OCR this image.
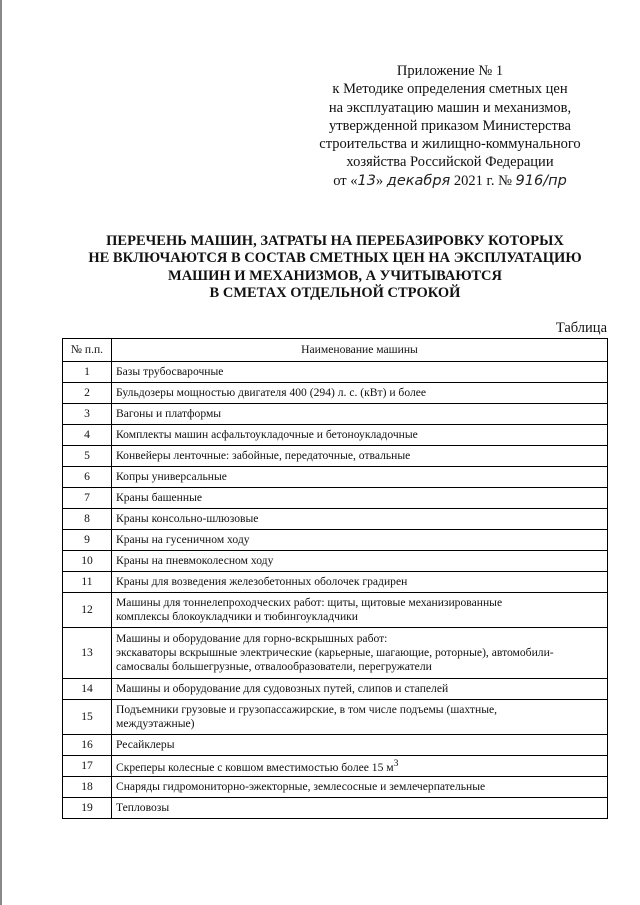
Приложение № 1
к Методике определения сметных цен
на эксплуатацию машин и механизмов,
утвержденной приказом Министерства
строительства и жилищно-коммунального
хозяйства Российской Федерации
от «13» декабря 2021 г. № 916/пр
ПЕРЕЧЕНЬ МАШИН, ЗАТРАТЫ НА ПЕРЕБАЗИРОВКУ КОТОРЫХ
НЕ ВКЛЮЧАЮТСЯ В СОСТАВ СМЕТНЫХ ЦЕН НА ЭКСПЛУАТАЦИЮ
МАШИН И МЕХАНИЗМОВ, А УЧИТЫВАЮТСЯ
В СМЕТАХ ОТДЕЛЬНОЙ СТРОКОЙ
Таблица
№ п.п.	Наименование машины
1	Базы трубосварочные
2	Бульдозеры мощностью двигателя 400 (294) л. с. (кВт) и более
3	Вагоны и платформы
4	Комплекты машин асфальтоукладочные и бетоноукладочные
5	Конвейеры ленточные: забойные, передаточные, отвальные
6	Копры универсальные
7	Краны башенные
8	Краны консольно-шлюзовые
9	Краны на гусеничном ходу
10	Краны на пневмоколесном ходу
11	Краны для возведения железобетонных оболочек градирен
12	Машины для тоннелепроходческих работ: щиты, щитовые механизированные
комплексы блокоукладчики и тюбингоукладчики
13	Машины и оборудование для горно-вскрышных работ:
экскаваторы вскрышные электрические (карьерные, шагающие, роторные), автомобили-
самосвалы большегрузные, отвалообразователи, перегружатели
14	Машины и оборудование для судовозных путей, слипов и стапелей
15	Подъемники грузовые и грузопассажирские, в том числе подъемы (шахтные,
междуэтажные)
16	Ресайклеры
17	Скреперы колесные с ковшом вместимостью более 15 $м^3$
18	Снаряды гидромониторно-эжекторные, землесосные и землечерпательные
19	Тепловозы
